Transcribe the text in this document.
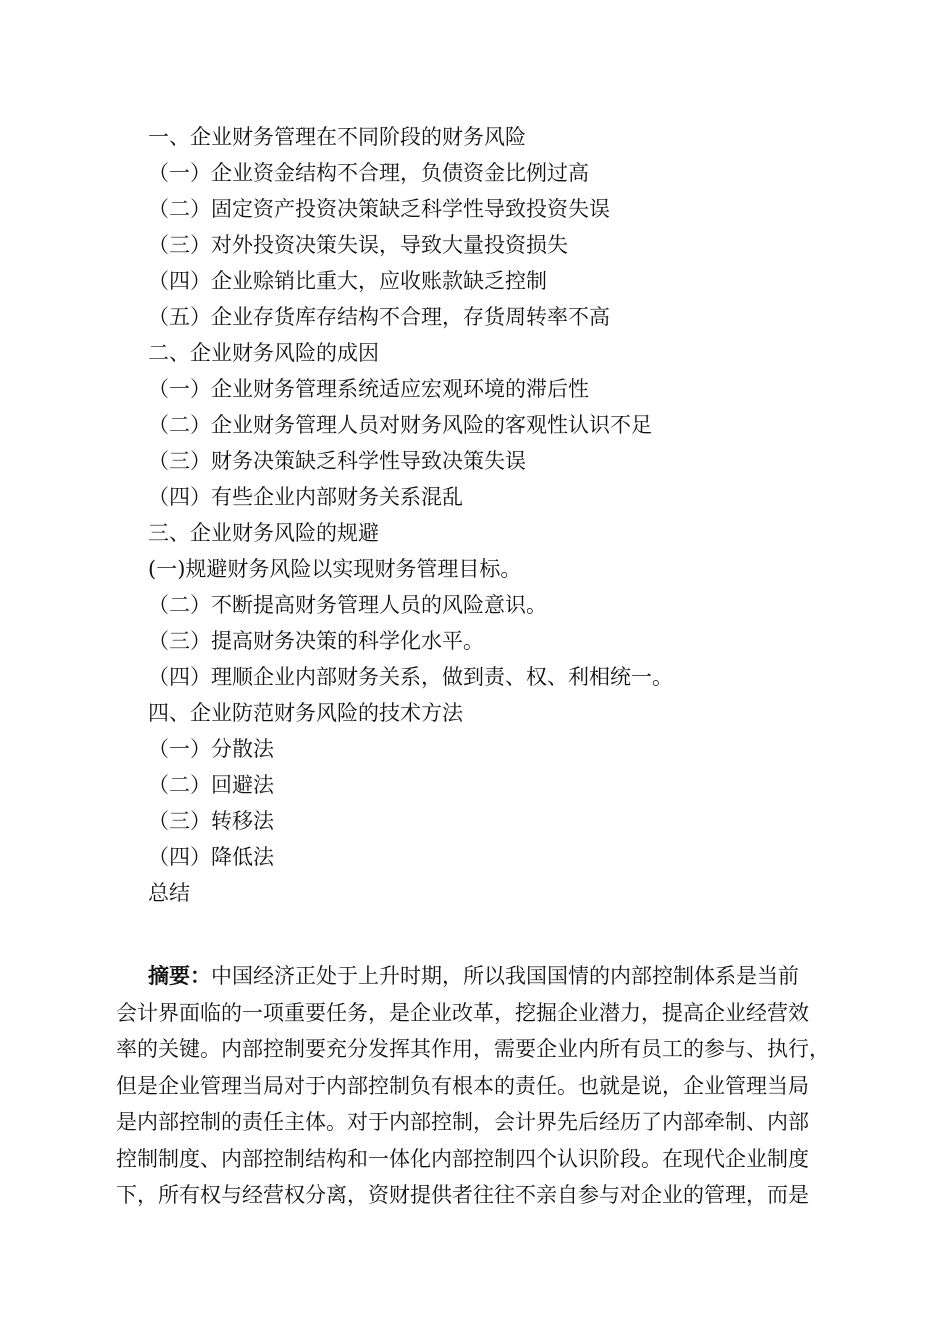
一、企业财务管理在不同阶段的财务风险
（一）企业资金结构不合理，负债资金比例过高
（二）固定资产投资决策缺乏科学性导致投资失误
（三）对外投资决策失误，导致大量投资损失
（四）企业赊销比重大，应收账款缺乏控制
（五）企业存货库存结构不合理，存货周转率不高
二、企业财务风险的成因
（一）企业财务管理系统适应宏观环境的滞后性
（二）企业财务管理人员对财务风险的客观性认识不足
（三）财务决策缺乏科学性导致决策失误
（四）有些企业内部财务关系混乱
三、企业财务风险的规避
(一)规避财务风险以实现财务管理目标。
（二）不断提高财务管理人员的风险意识。
（三）提高财务决策的科学化水平。
（四）理顺企业内部财务关系，做到责、权、利相统一。
四、企业防范财务风险的技术方法
（一）分散法
（二）回避法
（三）转移法
（四）降低法
总结
摘要：中国经济正处于上升时期，所以我国国情的内部控制体系是当前
会计界面临的一项重要任务，是企业改革，挖掘企业潜力，提高企业经营效
率的关键。内部控制要充分发挥其作用，需要企业内所有员工的参与、执行，
但是企业管理当局对于内部控制负有根本的责任。也就是说，企业管理当局
是内部控制的责任主体。对于内部控制，会计界先后经历了内部牵制、内部
控制制度、内部控制结构和一体化内部控制四个认识阶段。在现代企业制度
下，所有权与经营权分离，资财提供者往往不亲自参与对企业的管理，而是
